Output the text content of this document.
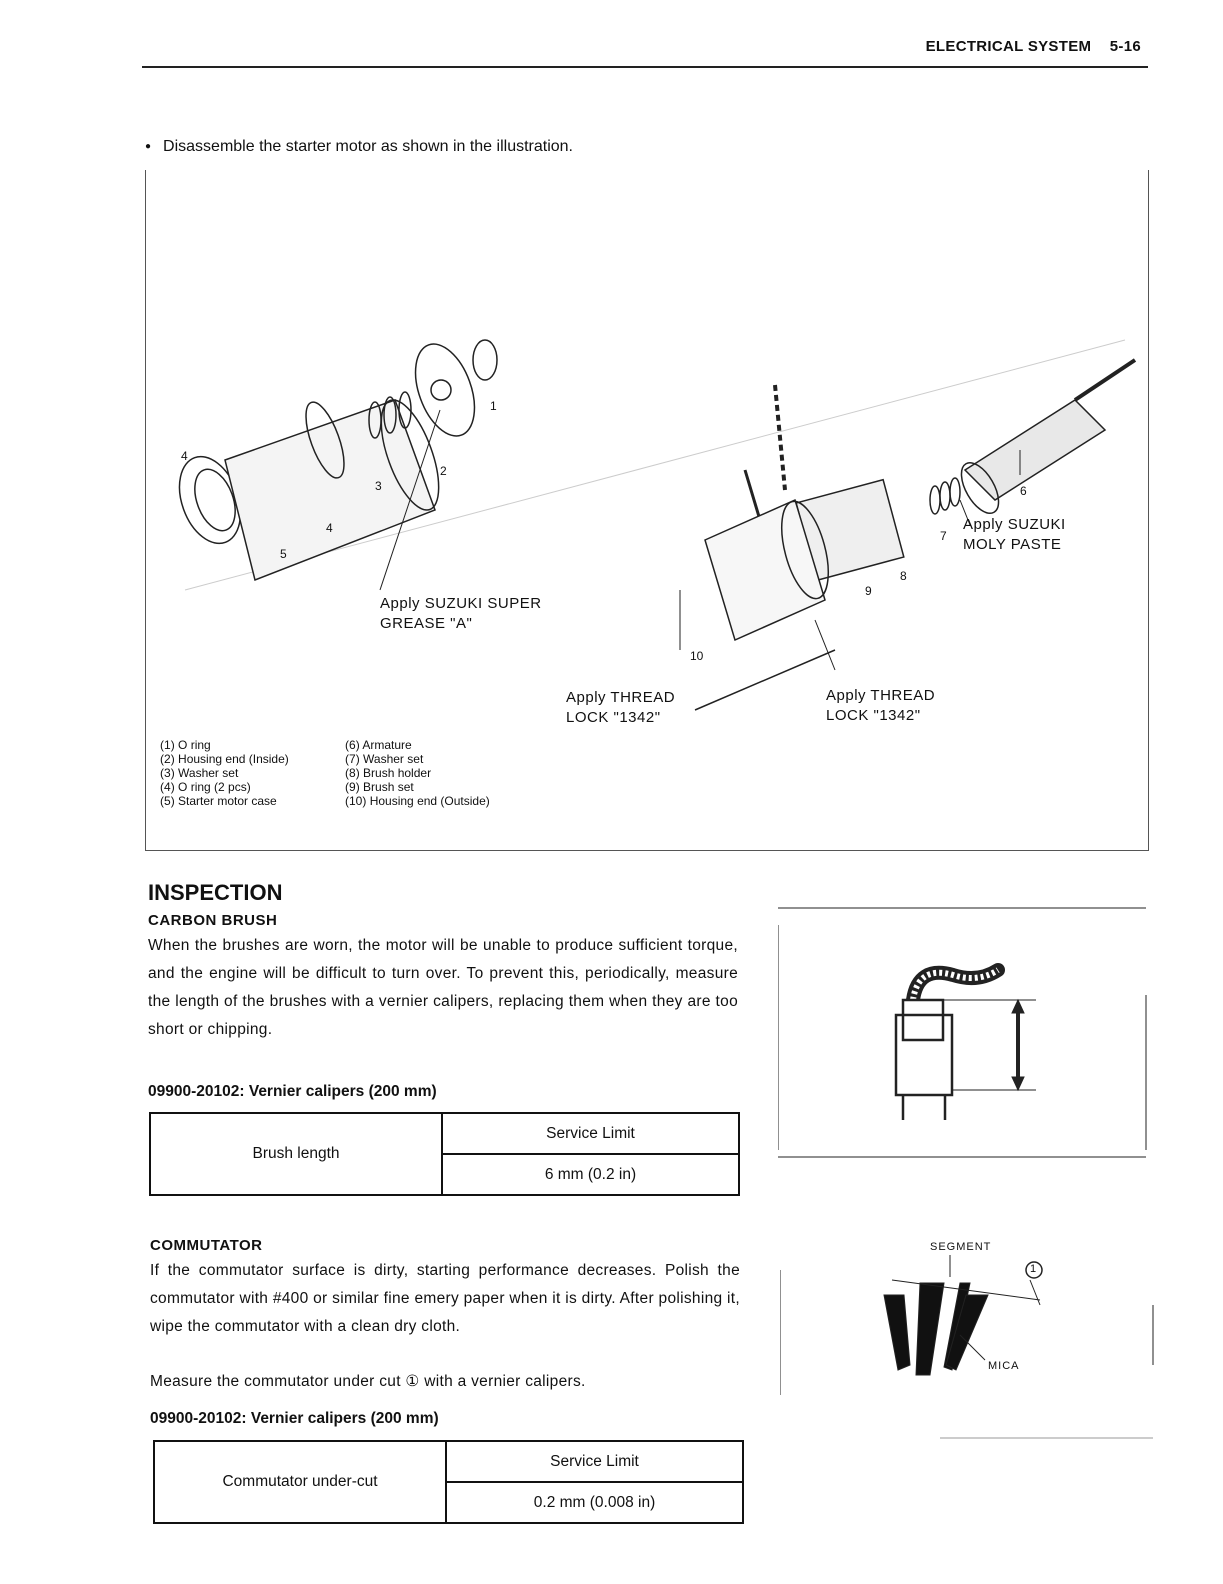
ELECTRICAL SYSTEM 5-16
● Disassemble the starter motor as shown in the illustration.
4
5
4
3
2
1
6
7
8
9
10
Apply SUZUKI SUPER
GREASE "A"
Apply SUZUKI
MOLY PASTE
Apply THREAD
LOCK "1342"
Apply THREAD
LOCK "1342"
(1) O ring
(2) Housing end (Inside)
(3) Washer set
(4) O ring (2 pcs)
(5) Starter motor case
(6) Armature
(7) Washer set
(8) Brush holder
(9) Brush set
(10) Housing end (Outside)
INSPECTION
CARBON BRUSH
When the brushes are worn, the motor will be unable to produce sufficient torque, and the engine will be difficult to turn over. To prevent this, periodically, measure the length of the brushes with a vernier calipers, replacing them when they are too short or chipping.
09900-20102: Vernier calipers (200 mm)
Brush length	Service Limit
6 mm (0.2 in)
COMMUTATOR
If the commutator surface is dirty, starting performance decreases. Polish the commutator with #400 or similar fine emery paper when it is dirty. After polishing it, wipe the commutator with a clean dry cloth.
Measure the commutator under cut ① with a vernier calipers.
09900-20102: Vernier calipers (200 mm)
Commutator under-cut	Service Limit
0.2 mm (0.008 in)
SEGMENT
MICA
1
